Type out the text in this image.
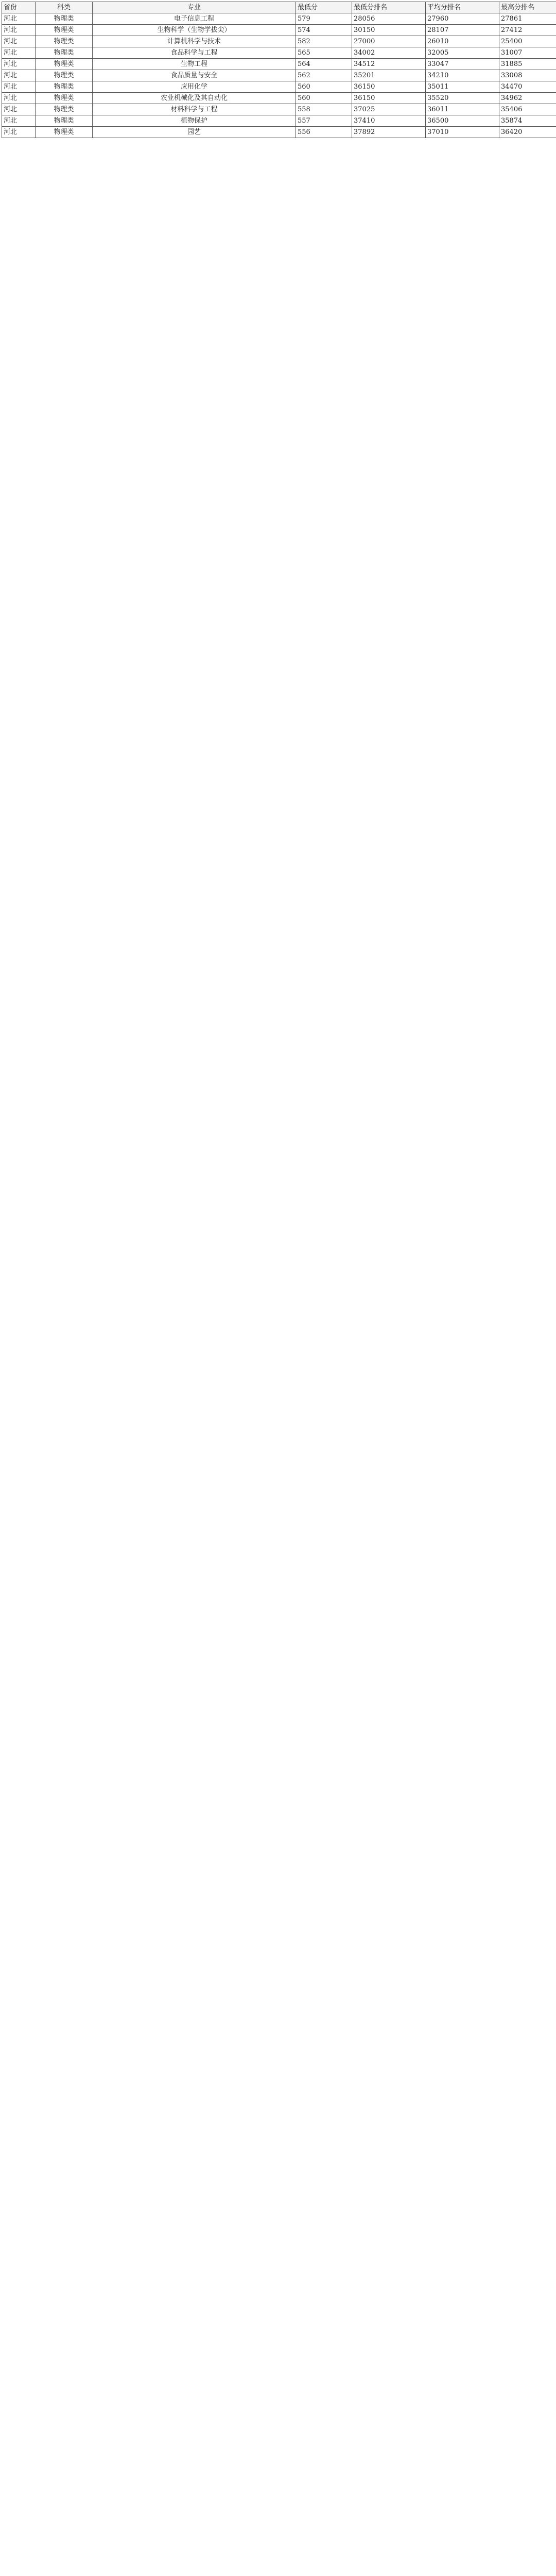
省份	科类	专业	最低分	最低分排名	平均分排名	最高分排名
河北	物理类	电子信息工程	579	28056	27960	27861
河北	物理类	生物科学（生物学拔尖）	574	30150	28107	27412
河北	物理类	计算机科学与技术	582	27000	26010	25400
河北	物理类	食品科学与工程	565	34002	32005	31007
河北	物理类	生物工程	564	34512	33047	31885
河北	物理类	食品质量与安全	562	35201	34210	33008
河北	物理类	应用化学	560	36150	35011	34470
河北	物理类	农业机械化及其自动化	560	36150	35520	34962
河北	物理类	材料科学与工程	558	37025	36011	35406
河北	物理类	植物保护	557	37410	36500	35874
河北	物理类	园艺	556	37892	37010	36420
